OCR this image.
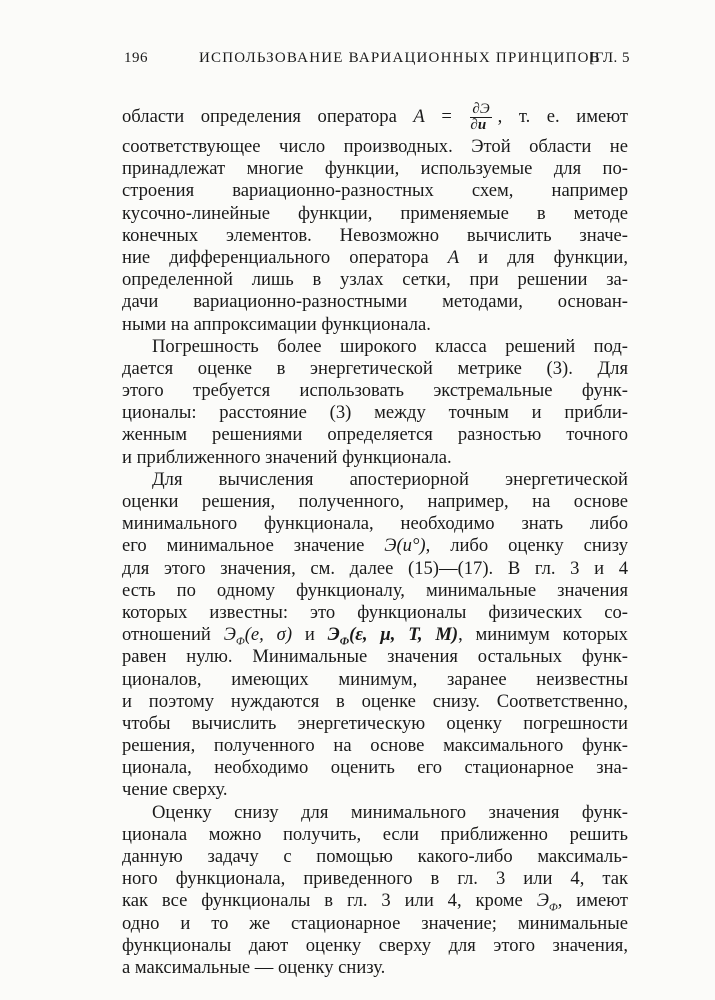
196	ИСПОЛЬЗОВАНИЕ ВАРИАЦИОННЫХ ПРИНЦИПОВ
[ГЛ. 5
области определения оператора $A = \frac{\partial Э}{\partial u}$ , т. е. имеют
соответствующее число производных. Этой области не
принадлежат многие функции, используемые для по-
строения вариационно-разностных схем, например
кусочно-линейные функции, применяемые в методе
конечных элементов. Невозможно вычислить значе-
ние дифференциального оператора A и для функции,
определенной лишь в узлах сетки, при решении за-
дачи вариационно-разностными методами, основан-
ными на аппроксимации функционала.
Погрешность более широкого класса решений под-
дается оценке в энергетической метрике (3). Для
этого требуется использовать экстремальные функ-
ционалы: расстояние (3) между точным и прибли-
женным решениями определяется разностью точного
и приближенного значений функционала.
Для вычисления апостериорной энергетической
оценки решения, полученного, например, на основе
минимального функционала, необходимо знать либо
его минимальное значение Э(u°), либо оценку снизу
для этого значения, см. далее (15)—(17). В гл. 3 и 4
есть по одному функционалу, минимальные значения
которых известны: это функционалы физических со-
отношений $Э_Ф(e$, σ) и $Э_Ф(\varepsilon$, μ, T, M), минимум которых
равен нулю. Минимальные значения остальных функ-
ционалов, имеющих минимум, заранее неизвестны
и поэтому нуждаются в оценке снизу. Соответственно,
чтобы вычислить энергетическую оценку погрешности
решения, полученного на основе максимального функ-
ционала, необходимо оценить его стационарное зна-
чение сверху.
Оценку снизу для минимального значения функ-
ционала можно получить, если приближенно решить
данную задачу с помощью какого-либо максималь-
ного функционала, приведенного в гл. 3 или 4, так
как все функционалы в гл. 3 или 4, кроме $Э_Ф$, имеют
одно и то же стационарное значение; минимальные
функционалы дают оценку сверху для этого значения,
а максимальные — оценку снизу.
